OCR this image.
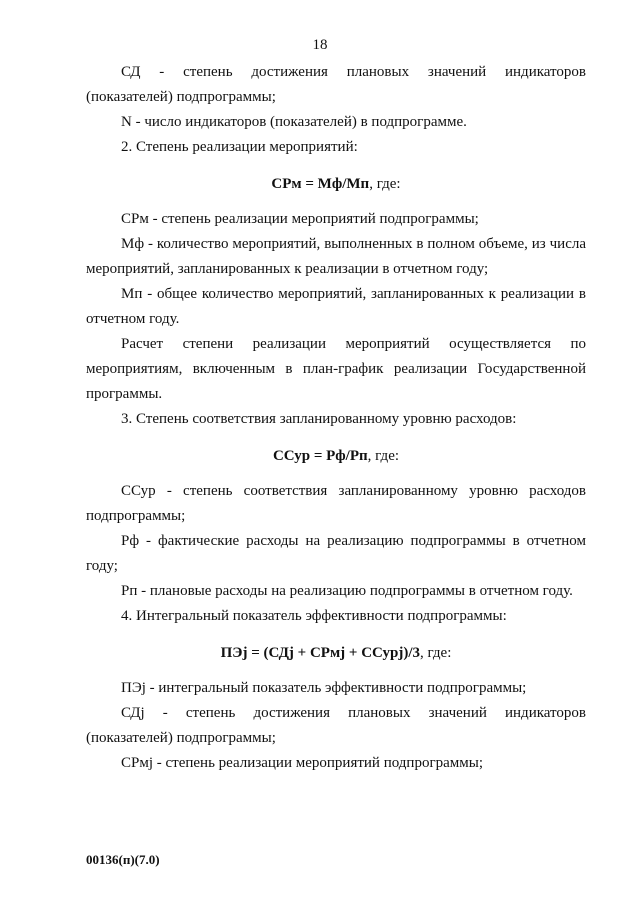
18

СД - степень достижения плановых значений индикаторов (показателей) подпрограммы;

N - число индикаторов (показателей) в подпрограмме.

2. Степень реализации мероприятий:

СРм = Мф/Мп, где:

СРм - степень реализации мероприятий подпрограммы;

Мф - количество мероприятий, выполненных в полном объеме, из числа мероприятий, запланированных к реализации в отчетном году;

Мп - общее количество мероприятий, запланированных к реализации в отчетном году.

Расчет степени реализации мероприятий осуществляется по мероприятиям, включенным в план-график реализации Государственной программы.

3. Степень соответствия запланированному уровню расходов:

ССур = Рф/Рп, где:

ССур - степень соответствия запланированному уровню расходов подпрограммы;

Рф - фактические расходы на реализацию подпрограммы в отчетном году;

Рп - плановые расходы на реализацию подпрограммы в отчетном году.

4. Интегральный показатель эффективности подпрограммы:

ПЭj = (СДj + СРмj + ССурj)/3, где:

ПЭj - интегральный показатель эффективности подпрограммы;

СДj - степень достижения плановых значений индикаторов (показателей) подпрограммы;

СРмj - степень реализации мероприятий подпрограммы;

00136(п)(7.0)
